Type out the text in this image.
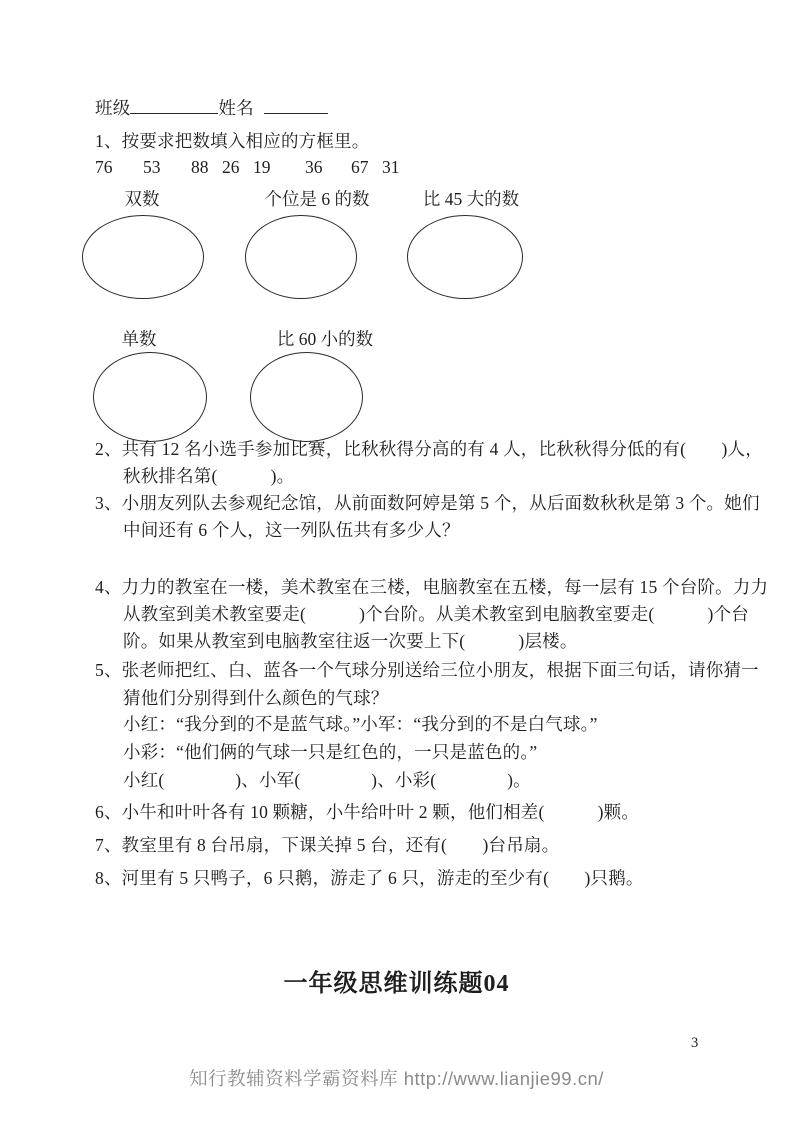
班级	姓名
1、按要求把数填入相应的方框里。
76 53 88 26 19 36 67 31
双数	个位是 6 的数	比 45 大的数
单数	比 60 小的数
2、共有 12 名小选手参加比赛，比秋秋得分高的有 4 人，比秋秋得分低的有(　　)人，
秋秋排名第(　　　)。
3、小朋友列队去参观纪念馆，从前面数阿婷是第 5 个，从后面数秋秋是第 3 个。她们
中间还有 6 个人，这一列队伍共有多少人？
4、力力的教室在一楼，美术教室在三楼，电脑教室在五楼，每一层有 15 个台阶。力力
从教室到美术教室要走(　　　)个台阶。从美术教室到电脑教室要走(　　　)个台
阶。如果从教室到电脑教室往返一次要上下(　　　)层楼。
5、张老师把红、白、蓝各一个气球分别送给三位小朋友，根据下面三句话，请你猜一
猜他们分别得到什么颜色的气球？
小红：“我分到的不是蓝气球。”小军：“我分到的不是白气球。”
小彩：“他们俩的气球一只是红色的，一只是蓝色的。”
小红(　　　　)、小军(　　　　)、小彩(　　　　)。
6、小牛和叶叶各有 10 颗糖，小牛给叶叶 2 颗，他们相差(　　　)颗。
7、教室里有 8 台吊扇，下课关掉 5 台，还有(　　)台吊扇。
8、河里有 5 只鸭子，6 只鹅，游走了 6 只，游走的至少有(　　)只鹅。
一年级思维训练题04
3
知行教辅资料学霸资料库 http://www.lianjie99.cn/
